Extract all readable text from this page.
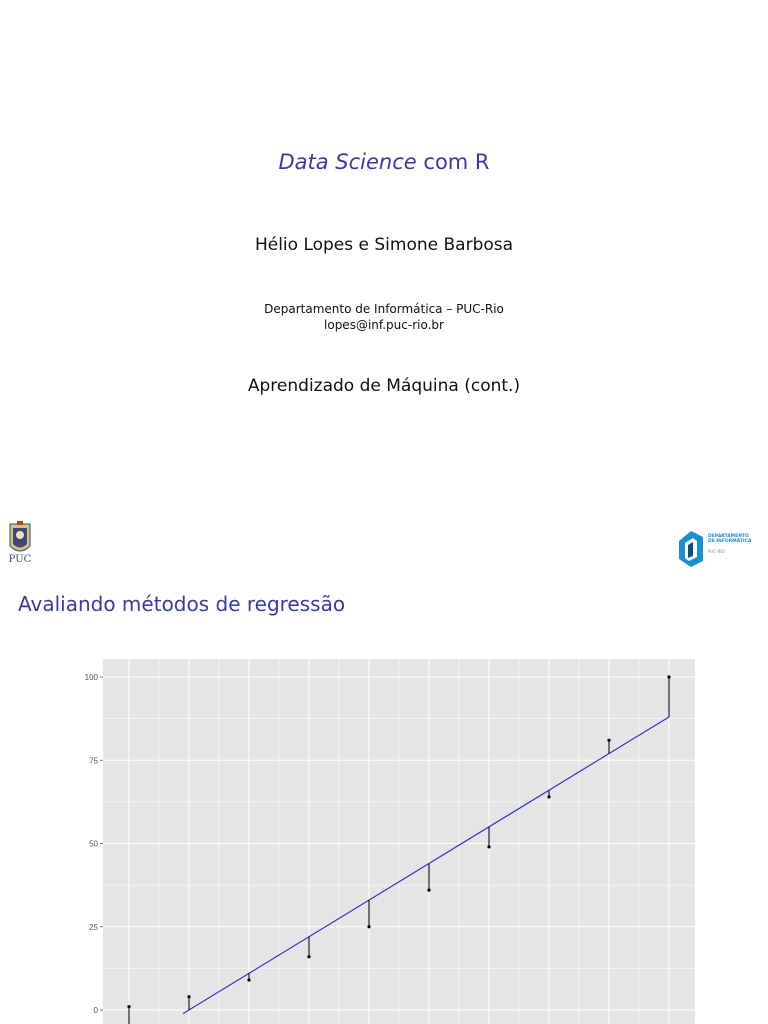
Data Science com R
Hélio Lopes e Simone Barbosa
Departamento de Informática – PUC-Rio
lopes@inf.puc-rio.br
Aprendizado de Máquina (cont.)
PUC
DEPARTAMENTO DE INFORMÁTICA
PUC-RIO
Avaliando métodos de regressão
0
25
50
75
100
